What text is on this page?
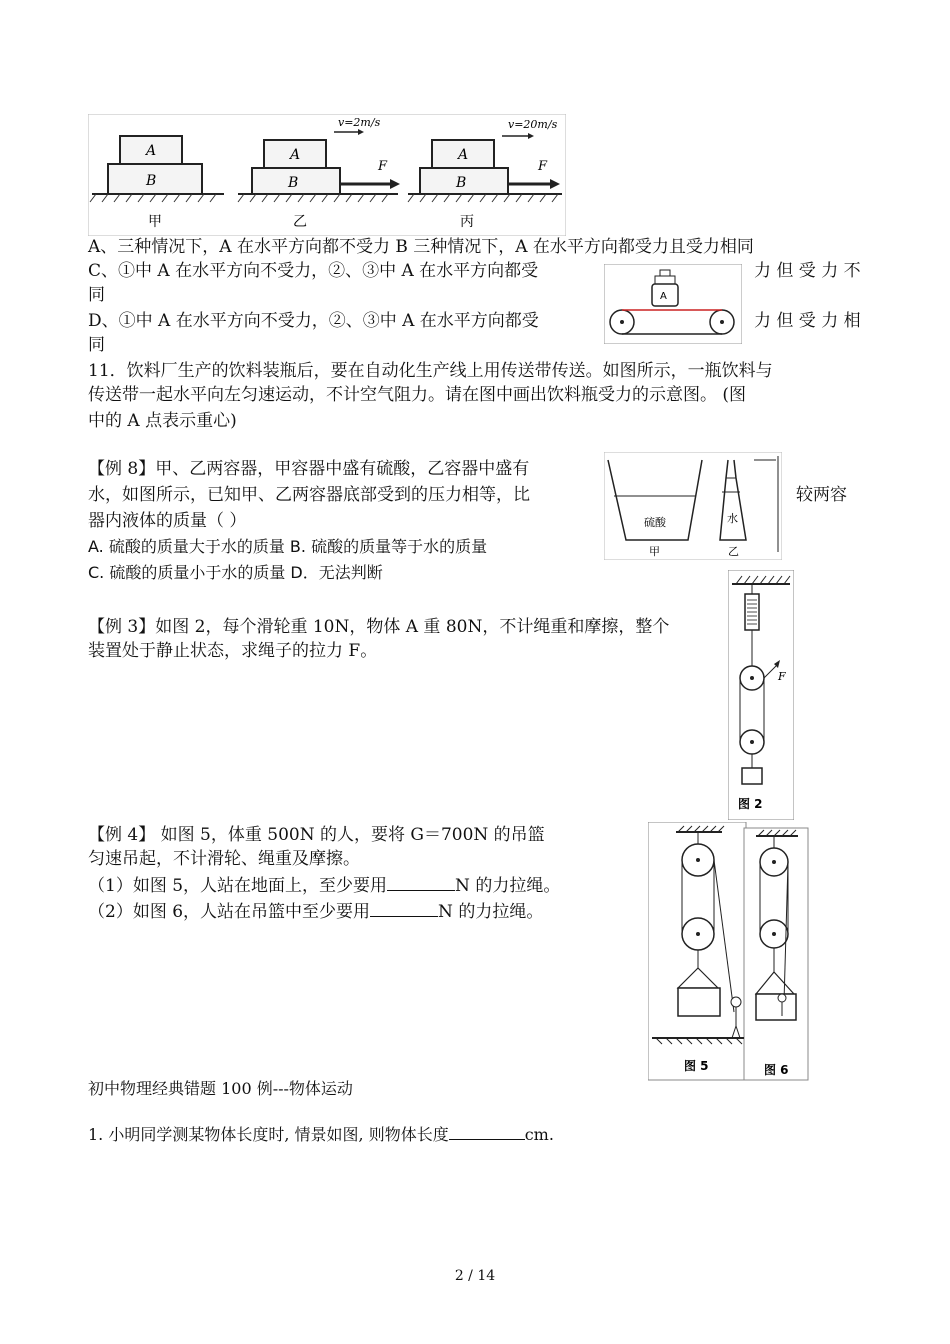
A
B
甲
v=2m/s
F
A
B
乙
v=20m/s
F
A
B
丙
A、三种情况下，A 在水平方向都不受力 B 三种情况下，A 在水平方向都受力且受力相同
C、①中 A 在水平方向不受力，②、③中 A 在水平方向都受	力 但 受 力 不
同
D、①中 A 在水平方向不受力，②、③中 A 在水平方向都受	力 但 受 力 相
同
A
11．饮料厂生产的饮料装瓶后，要在自动化生产线上用传送带传送。如图所示，一瓶饮料与
传送带一起水平向左匀速运动，不计空气阻力。请在图中画出饮料瓶受力的示意图。 (图
中的 A 点表示重心)
【例 8】甲、乙两容器，甲容器中盛有硫酸，乙容器中盛有
水，如图所示，已知甲、乙两容器底部受到的压力相等，比	较两容
器内液体的质量（ ）
A. 硫酸的质量大于水的质量 B. 硫酸的质量等于水的质量
C. 硫酸的质量小于水的质量 D．无法判断
硫酸
甲
水
乙
【例 3】如图 2，每个滑轮重 10N，物体 A 重 80N，不计绳重和摩擦，整个
装置处于静止状态，求绳子的拉力 F。
F
图 2
【例 4】 如图 5，体重 500N 的人，要将 G＝700N 的吊篮
匀速吊起，不计滑轮、绳重及摩擦。
（1）如图 5，人站在地面上，至少要用	N 的力拉绳。
（2）如图 6，人站在吊篮中至少要用	N 的力拉绳。
图 5	图 6
初中物理经典错题 100 例---物体运动
1. 小明同学测某物体长度时, 情景如图, 则物体长度	cm.
2 / 14
